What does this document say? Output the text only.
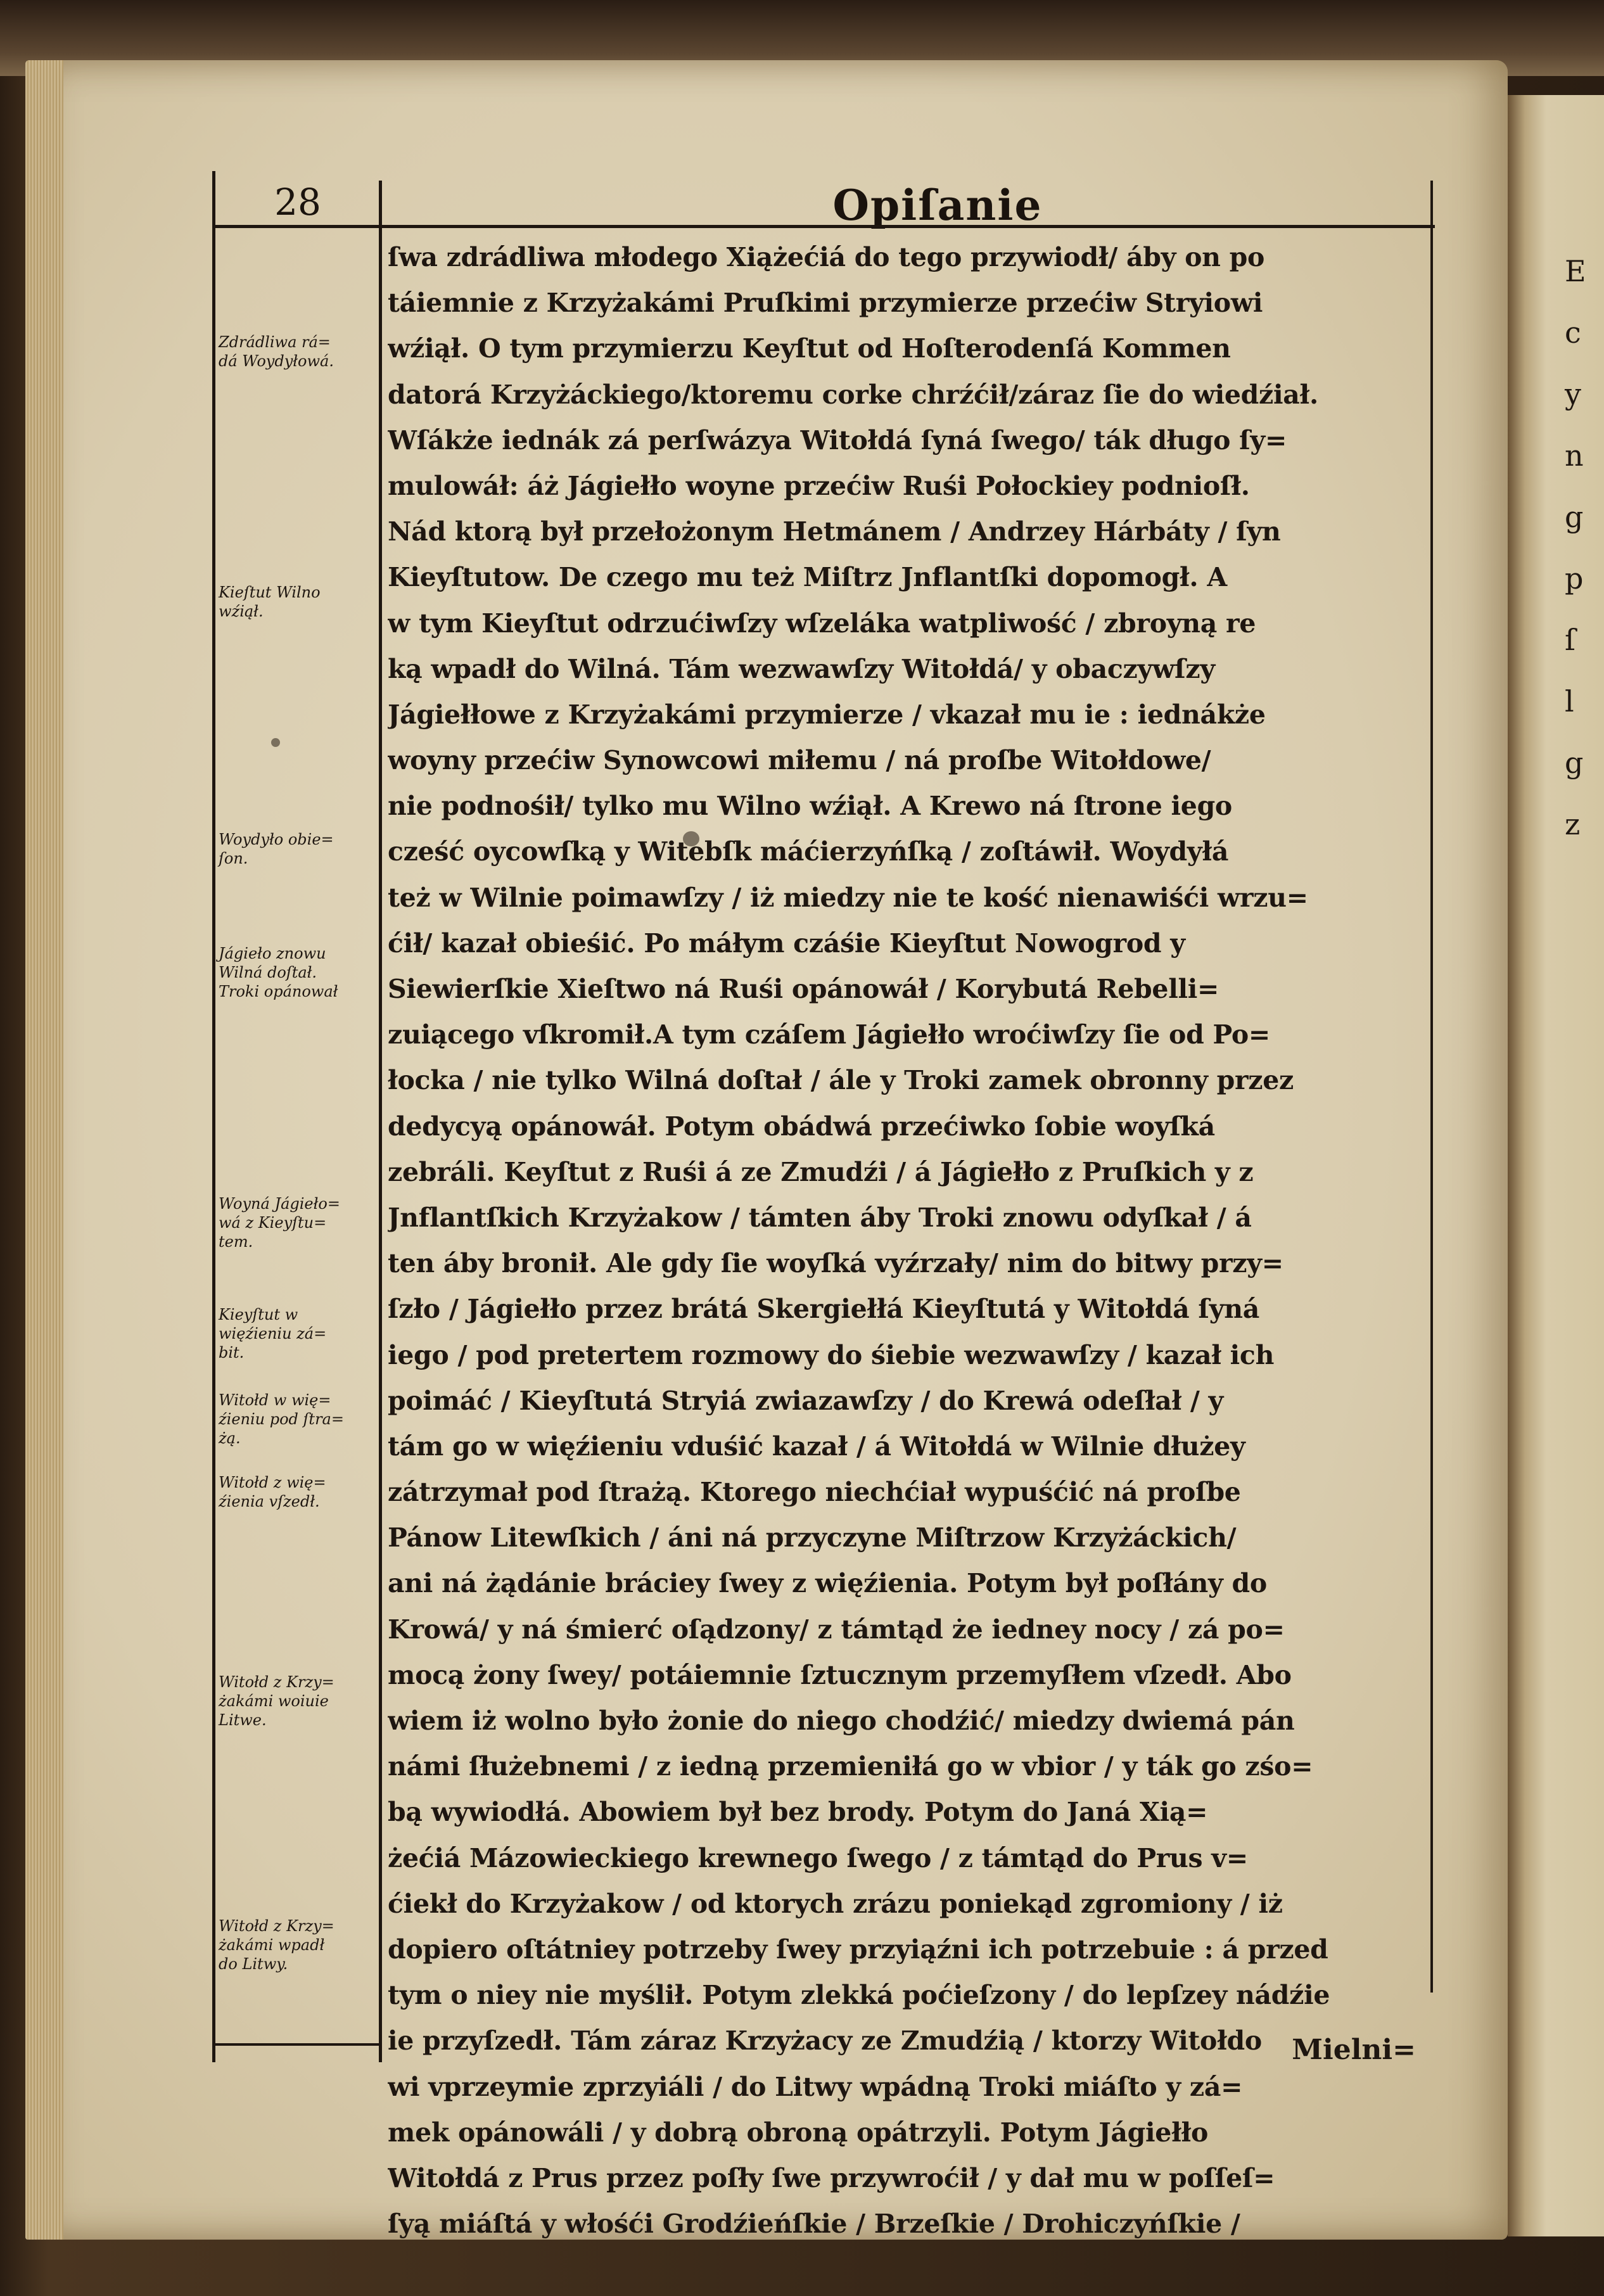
E
c
y
n
g
p
ſ
l
g
z
28	Opiſanie
ſwa zdrádliwa młodego Xiążećiá do tego przywiodł/ áby on po
táiemnie z Krzyżakámi Pruſkimi przymierze przećiw Stryiowi
wźiął. O tym przymierzu Keyſtut od Hoſterodenſá Kommen
datorá Krzyżáckiego/ktoremu corke chrźćił/záraz ſie do wiedźiał.
Wſákże iednák zá perſwázya Witołdá ſyná ſwego/ ták długo ſy=
mulowáł: áż Jágiełło woyne przećiw Ruśi Połockiey podnioſł.
Nád ktorą był przełożonym Hetmánem / Andrzey Hárbáty / ſyn
Kieyſtutow. De czego mu też Miſtrz Jnflantſki dopomogł. A
w tym Kieyſtut odrzućiwſzy wſzeláka watpliwość / zbroyną re
ką wpadł do Wilná. Tám wezwawſzy Witołdá/ y obaczywſzy
Jágiełłowe z Krzyżakámi przymierze / vkazał mu ie : iednákże
woyny przećiw Synowcowi miłemu / ná proſbe Witołdowe/
nie podnośił/ tylko mu Wilno wźiął. A Krewo ná ſtrone iego
cześć oycowſką y Witebſk máćierzyńſką / zoſtáwił. Woydyłá
też w Wilnie poimawſzy / iż miedzy nie te kość nienawiśći wrzu=
ćił/ kazał obieśić. Po máłym czáśie Kieyſtut Nowogrod y
Siewierſkie Xieſtwo ná Ruśi opánowáł / Korybutá Rebelli=
zuiącego vſkromił.A tym czáſem Jágiełło wroćiwſzy ſie od Po=
łocka / nie tylko Wilná doſtał / ále y Troki zamek obronny przez
dedycyą opánowáł. Potym obádwá przećiwko ſobie woyſká
zebráli. Keyſtut z Ruśi á ze Zmudźi / á Jágiełło z Pruſkich y z
Jnflantſkich Krzyżakow / támten áby Troki znowu odyſkał / á
ten áby bronił. Ale gdy ſie woyſká vyźrzały/ nim do bitwy przy=
ſzło / Jágiełło przez brátá Skergiełłá Kieyſtutá y Witołdá ſyná
iego / pod pretertem rozmowy do śiebie wezwawſzy / kazał ich
poimáć / Kieyſtutá Stryiá zwiazawſzy / do Krewá odeſłał / y
tám go w więźieniu vduśić kazał / á Witołdá w Wilnie dłużey
zátrzymał pod ſtrażą. Ktorego niechćiał wypuśćić ná proſbe
Pánow Litewſkich / áni ná przyczyne Miſtrzow Krzyżáckich/
ani ná żądánie bráciey ſwey z więźienia. Potym był poſłány do
Krowá/ y ná śmierć oſądzony/ z támtąd że iedney nocy / zá po=
mocą żony ſwey/ potáiemnie ſztucznym przemyſłem vſzedł. Abo
wiem iż wolno było żonie do niego chodźić/ miedzy dwiemá pán
námi ſłużebnemi / z iedną przemieniłá go w vbior / y ták go zśo=
bą wywiodłá. Abowiem był bez brody. Potym do Janá Xią=
żećiá Mázowieckiego krewnego ſwego / z támtąd do Prus v=
ćiekł do Krzyżakow / od ktorych zrázu poniekąd zgromiony / iż
dopiero oſtátniey potrzeby ſwey przyiąźni ich potrzebuie : á przed
tym o niey nie myślił. Potym zlekká poćieſzony / do lepſzey nádźie
ie przyſzedł. Tám záraz Krzyżacy ze Zmudźią / ktorzy Witołdo
wi vprzeymie zprzyiáli / do Litwy wpádną Troki miáſto y zá=
mek opánowáli / y dobrą obroną opátrzyli. Potym Jágiełło
Witołdá z Prus przez poſły ſwe przywroćił / y dał mu w poſſeſ=
ſyą miáſtá y włośći Grodźieńſkie / Brzeſkie / Drohiczyńſkie /
Mielni=
Zdrádliwa rá=
dá Woydyłowá.
Kieſtut Wilno
wźiął.
Woydyło obie=
ſon.
Jágieło znowu
Wilná doſtał.
Troki opánował
Woyná Jágieło=
wá z Kieyſtu=
tem.
Kieyſtut w
więźieniu zá=
bit.
Witołd w wię=
źieniu pod ſtra=
żą.
Witołd z wię=
źienia vſzedł.
Witołd z Krzy=
żakámi woiuie
Litwe.
Witołd z Krzy=
żakámi wpadł
do Litwy.
